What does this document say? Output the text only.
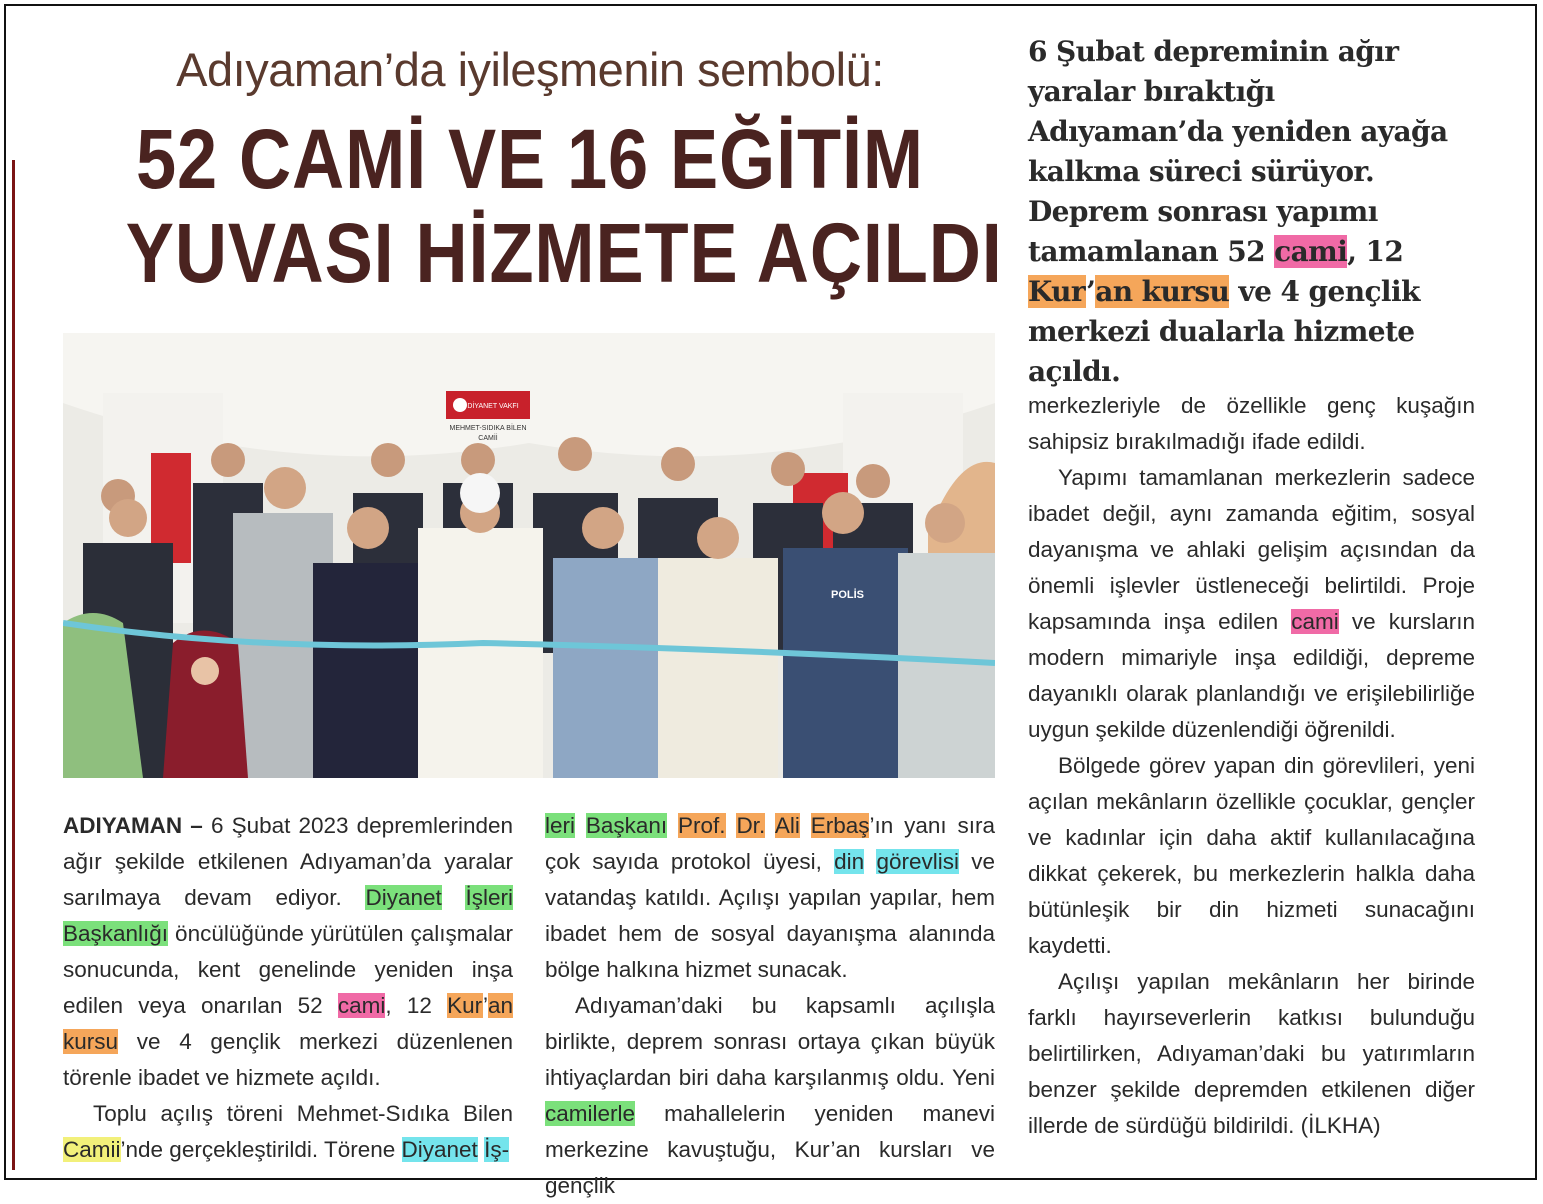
Adıyaman’da iyileşmenin sembolü:
52 CAMİ VE 16 EĞİTİM
YUVASI HİZMETE AÇILDI
6 Şubat depreminin ağır yaralar bıraktığı Adıyaman’da yeniden ayağa kalkma süreci sürüyor. Deprem sonrası yapımı tamamlanan 52 cami, 12 Kur’an kursu ve 4 gençlik merkezi dualarla hizmete açıldı.
DİYANET VAKFI
MEHMET-SIDIKA BİLEN
CAMİİ
POLİS

ADIYAMAN – 6 Şubat 2023 depremlerinden ağır şekilde etkilenen Adıyaman’da yaralar sarılmaya devam ediyor. Diyanet İşleri Başkanlığı öncülüğünde yürütülen çalışmalar sonucunda, kent genelinde yeniden inşa edilen veya onarılan 52 cami, 12 Kur’an kursu ve 4 gençlik merkezi düzenlenen törenle ibadet ve hizmete açıldı.

Toplu açılış töreni Mehmet-Sıdıka Bilen Camii’nde gerçekleştirildi. Törene Diyanet İş-

leri Başkanı Prof. Dr. Ali Erbaş’ın yanı sıra çok sayıda protokol üyesi, din görevlisi ve vatandaş katıldı. Açılışı yapılan yapılar, hem ibadet hem de sosyal dayanışma alanında bölge halkına hizmet sunacak.

Adıyaman’daki bu kapsamlı açılışla birlikte, deprem sonrası ortaya çıkan büyük ihtiyaçlardan biri daha karşılanmış oldu. Yeni camilerle mahallelerin yeniden manevi merkezine kavuştuğu, Kur’an kursları ve gençlik

merkezleriyle de özellikle genç kuşağın sahipsiz bırakılmadığı ifade edildi.

Yapımı tamamlanan merkezlerin sadece ibadet değil, aynı zamanda eğitim, sosyal dayanışma ve ahlaki gelişim açısından da önemli işlevler üstleneceği belirtildi. Proje kapsamında inşa edilen cami ve kursların modern mimariyle inşa edildiği, depreme dayanıklı olarak planlandığı ve erişilebilirliğe uygun şekilde düzenlendiği öğrenildi.

Bölgede görev yapan din görevlileri, yeni açılan mekânların özellikle çocuklar, gençler ve kadınlar için daha aktif kullanılacağına dikkat çekerek, bu merkezlerin halkla daha bütünleşik bir din hizmeti sunacağını kaydetti.

Açılışı yapılan mekânların her birinde farklı hayırseverlerin katkısı bulunduğu belirtilirken, Adıyaman’daki bu yatırımların benzer şekilde depremden etkilenen diğer illerde de sürdüğü bildirildi. (İLKHA)
